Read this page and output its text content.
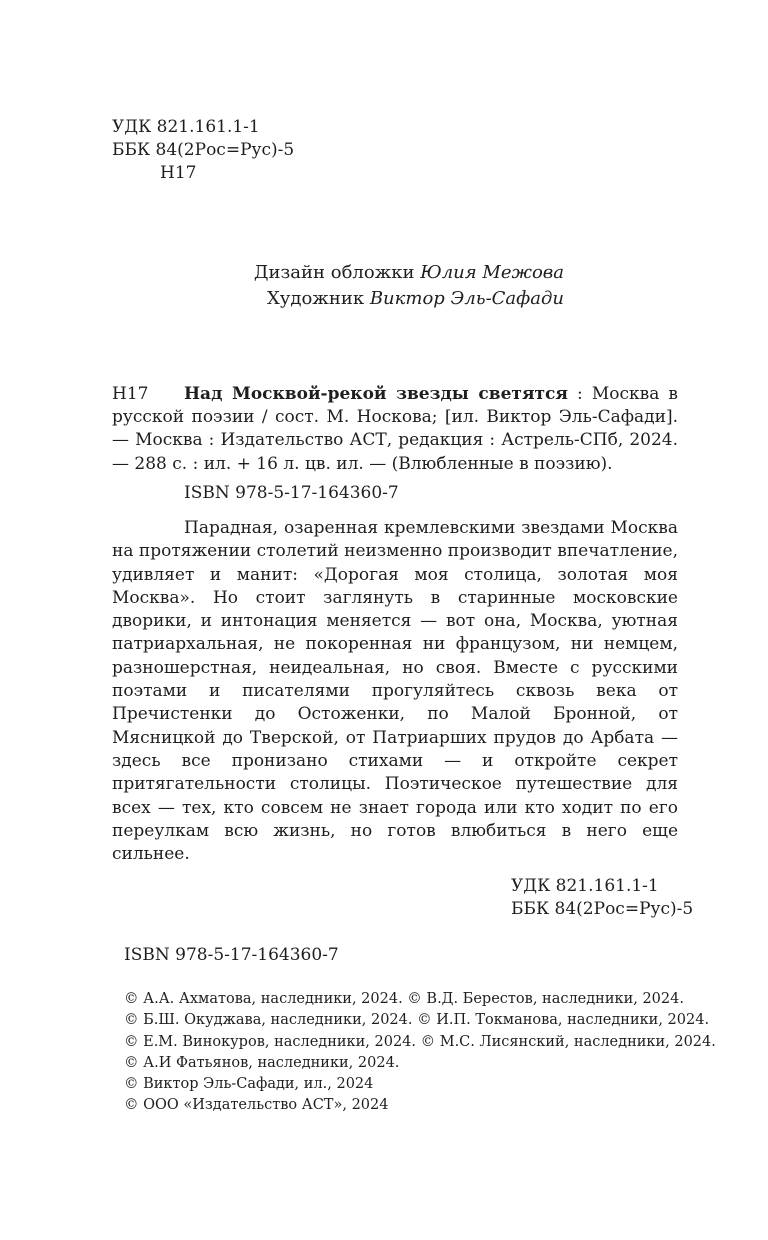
УДК 821.161.1-1
ББК 84(2Рос=Рус)-5
Н17
Дизайн обложки Юлия Межова
Художник Виктор Эль-Сафади
Н17	Над Москвой-рекой звезды светятся : Москва в русской поэзии / сост. М. Носкова; [ил. Виктор Эль-Сафади]. — Москва : Издательство АСТ, редакция : Астрель-СПб, 2024. — 288 с. : ил. + 16 л. цв. ил. — (Влюбленные в поэзию).
ISBN 978-5-17-164360-7
Парадная, озаренная кремлевскими звездами Москва на протяжении столетий неизменно производит впечатление, удивляет и манит: «Дорогая моя столица, золотая моя Москва». Но стоит заглянуть в старинные московские дворики, и интонация меняется — вот она, Москва, уютная патриархальная, не покоренная ни французом, ни немцем, разношерстная, неидеальная, но своя. Вместе с русскими поэтами и писателями прогуляйтесь сквозь века от Пречистенки до Остоженки, по Малой Бронной, от Мясницкой до Тверской, от Патриарших прудов до Арбата — здесь все пронизано стихами — и откройте секрет притягательности столицы. Поэтическое путешествие для всех — тех, кто совсем не знает города или кто ходит по его переулкам всю жизнь, но готов влюбиться в него еще сильнее.
УДК 821.161.1-1
ББК 84(2Рос=Рус)-5
ISBN 978-5-17-164360-7
© А.А. Ахматова, наследники, 2024. © В.Д. Берестов, наследники, 2024.
© Б.Ш. Окуджава, наследники, 2024. © И.П. Токманова, наследники, 2024.
© Е.М. Винокуров, наследники, 2024. © М.С. Лисянский, наследники, 2024.
© А.И Фатьянов, наследники, 2024.
© Виктор Эль-Сафади, ил., 2024
© ООО «Издательство АСТ», 2024
